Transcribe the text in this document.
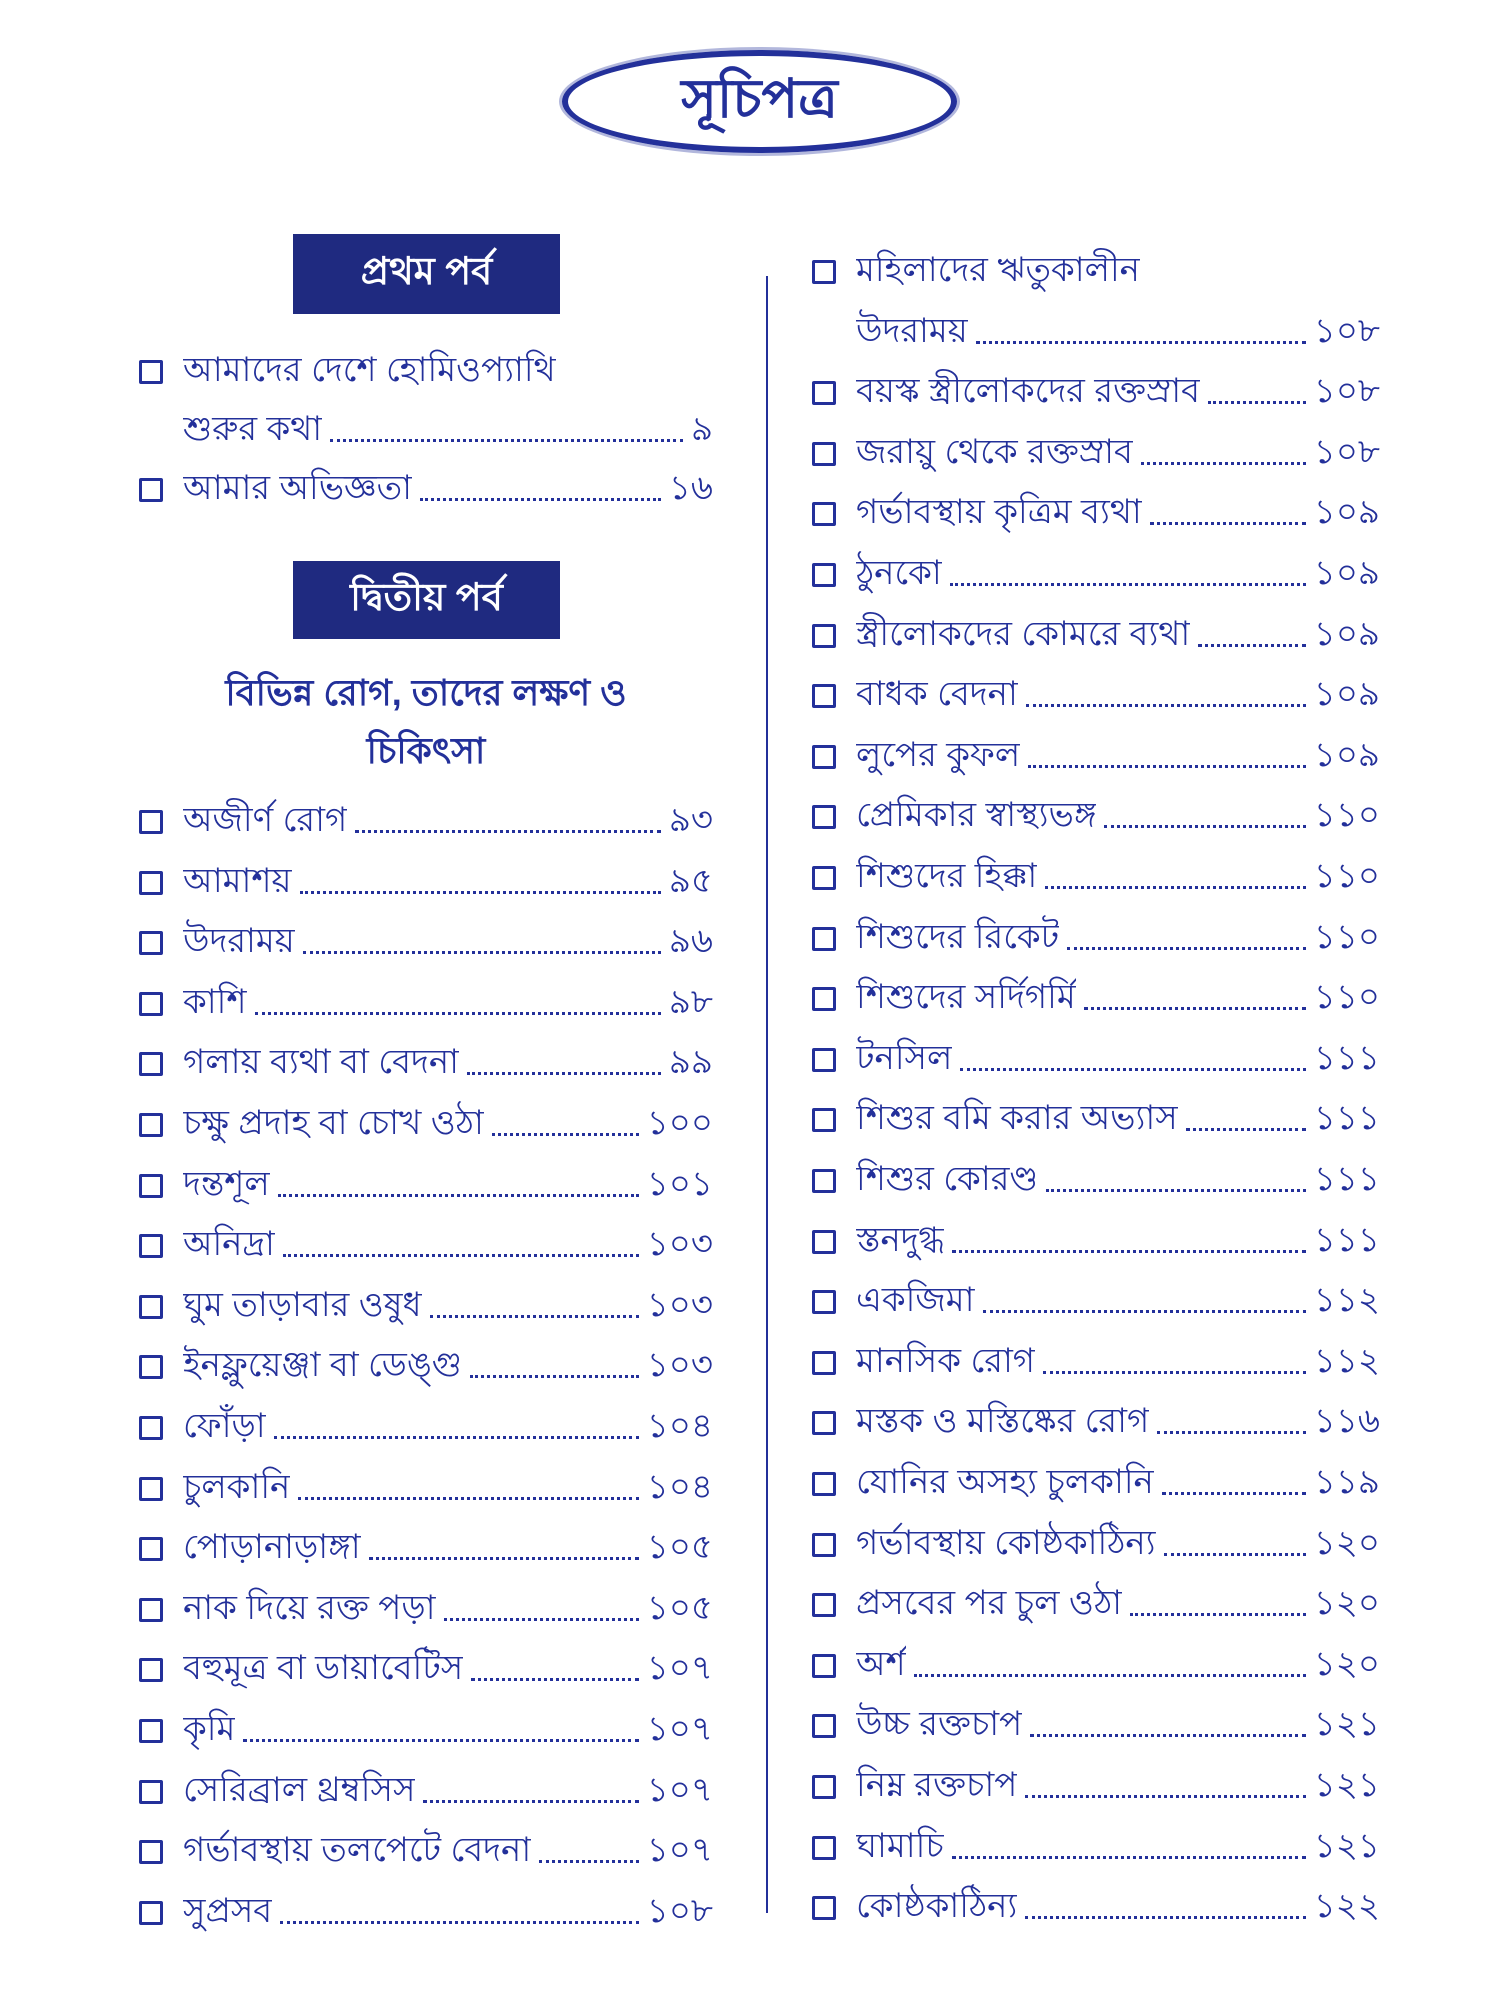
সূচিপত্র
প্রথম পর্ব
দ্বিতীয় পর্ব
বিভিন্ন রোগ, তাদের লক্ষণ ও
চিকিৎসা
আমাদের দেশে হোমিওপ্যাথি
শুরুর কথা	৯
আমার অভিজ্ঞতা	১৬
অজীর্ণ রোগ	৯৩
আমাশয়	৯৫
উদরাময়	৯৬
কাশি	৯৮
গলায় ব্যথা বা বেদনা	৯৯
চক্ষু প্রদাহ বা চোখ ওঠা	১০০
দন্তশূল	১০১
অনিদ্রা	১০৩
ঘুম তাড়াবার ওষুধ	১০৩
ইনফ্লুয়েঞ্জা বা ডেঙ্গু	১০৩
ফোঁড়া	১০৪
চুলকানি	১০৪
পোড়ানাড়াঙ্গা	১০৫
নাক দিয়ে রক্ত পড়া	১০৫
বহুমূত্র বা ডায়াবেটিস	১০৭
কৃমি	১০৭
সেরিব্রাল থ্রম্বসিস	১০৭
গর্ভাবস্থায় তলপেটে বেদনা	১০৭
সুপ্রসব	১০৮
মহিলাদের ঋতুকালীন
উদরাময়	১০৮
বয়স্ক স্ত্রীলোকদের রক্তস্রাব	১০৮
জরায়ু থেকে রক্তস্রাব	১০৮
গর্ভাবস্থায় কৃত্রিম ব্যথা	১০৯
ঠুনকো	১০৯
স্ত্রীলোকদের কোমরে ব্যথা	১০৯
বাধক বেদনা	১০৯
লুপের কুফল	১০৯
প্রেমিকার স্বাস্থ্যভঙ্গ	১১০
শিশুদের হিক্কা	১১০
শিশুদের রিকেট	১১০
শিশুদের সর্দিগর্মি	১১০
টনসিল	১১১
শিশুর বমি করার অভ্যাস	১১১
শিশুর কোরণ্ড	১১১
স্তনদুগ্ধ	১১১
একজিমা	১১২
মানসিক রোগ	১১২
মস্তক ও মস্তিষ্কের রোগ	১১৬
যোনির অসহ্য চুলকানি	১১৯
গর্ভাবস্থায় কোষ্ঠকাঠিন্য	১২০
প্রসবের পর চুল ওঠা	১২০
অর্শ	১২০
উচ্চ রক্তচাপ	১২১
নিম্ন রক্তচাপ	১২১
ঘামাচি	১২১
কোষ্ঠকাঠিন্য	১২২
